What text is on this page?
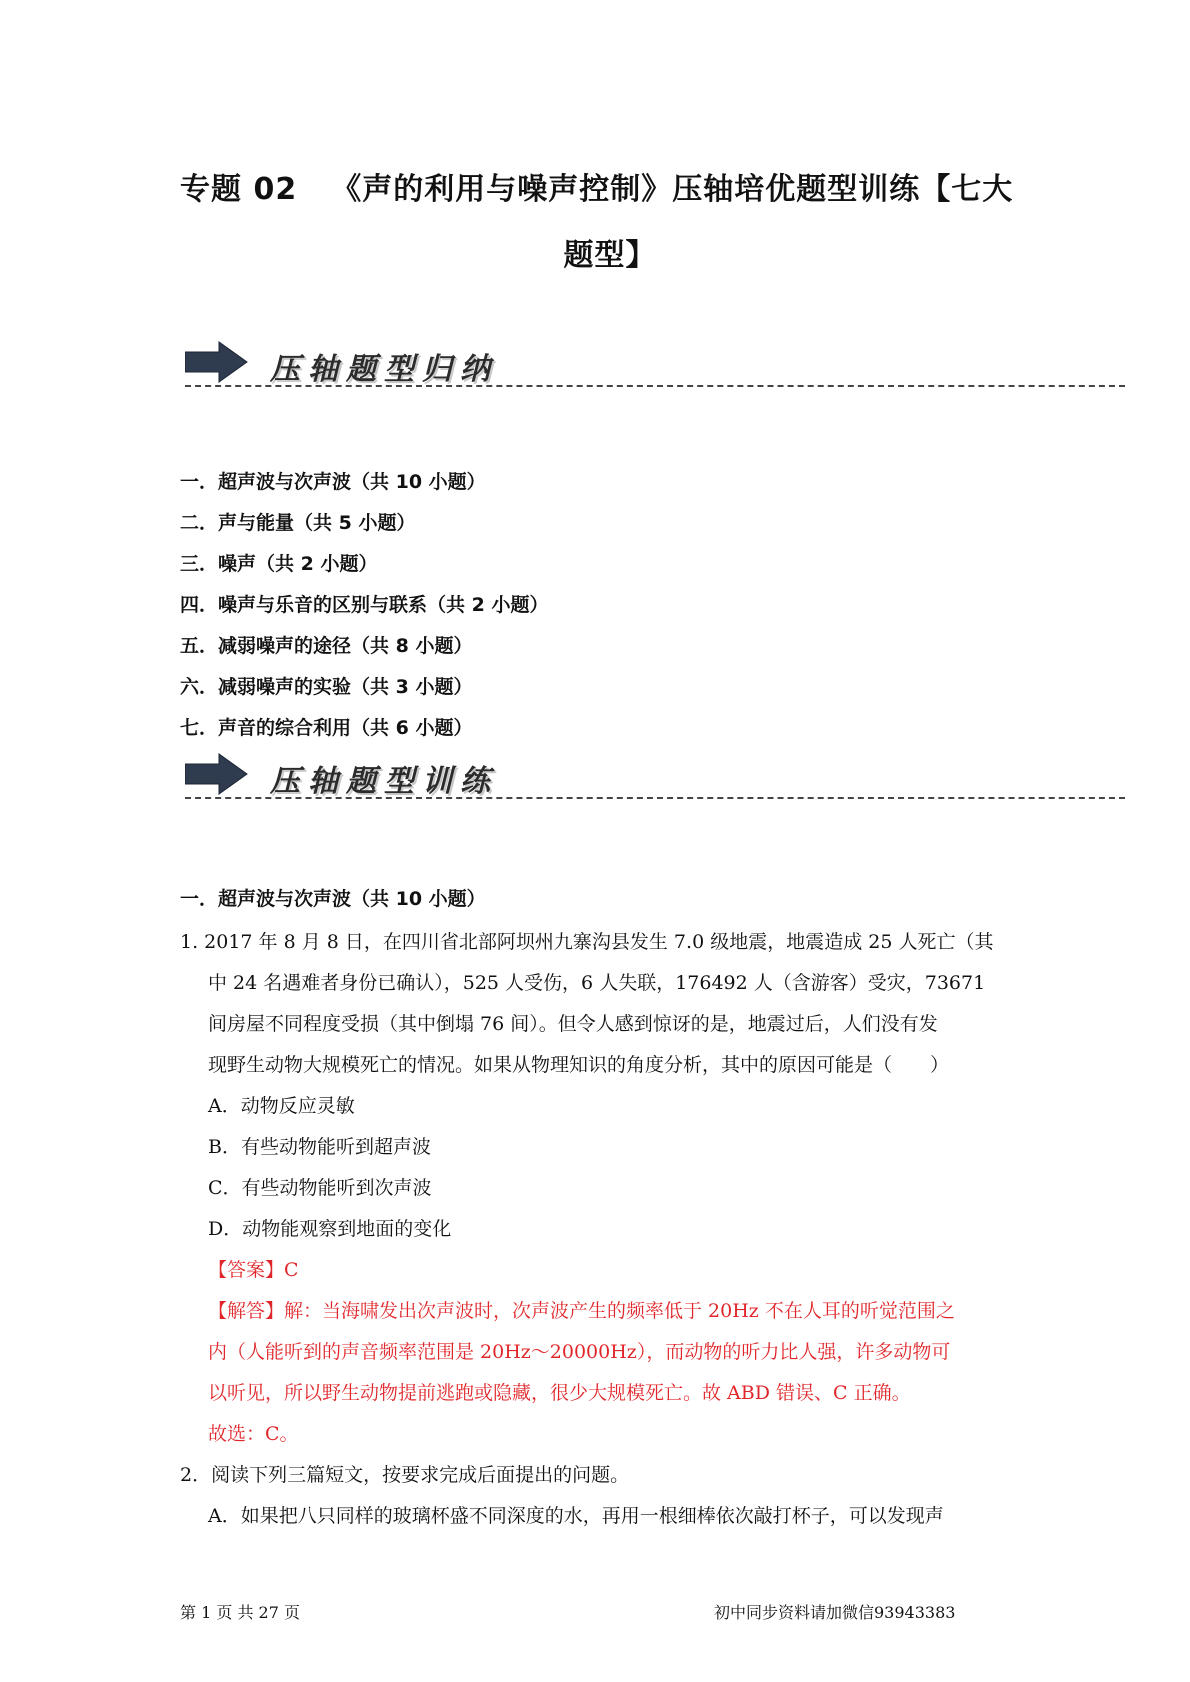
专题 02 《声的利用与噪声控制》压轴培优题型训练【七大
题型】
压轴题型归纳
一．超声波与次声波（共 10 小题）
二．声与能量（共 5 小题）
三．噪声（共 2 小题）
四．噪声与乐音的区别与联系（共 2 小题）
五．减弱噪声的途径（共 8 小题）
六．减弱噪声的实验（共 3 小题）
七．声音的综合利用（共 6 小题）
压轴题型训练
一．超声波与次声波（共 10 小题）
1. 2017 年 8 月 8 日，在四川省北部阿坝州九寨沟县发生 7.0 级地震，地震造成 25 人死亡（其
中 24 名遇难者身份已确认），525 人受伤，6 人失联，176492 人（含游客）受灾，73671
间房屋不同程度受损（其中倒塌 76 间）。但令人感到惊讶的是，地震过后，人们没有发
现野生动物大规模死亡的情况。如果从物理知识的角度分析，其中的原因可能是（　　）
A．动物反应灵敏
B．有些动物能听到超声波
C．有些动物能听到次声波
D．动物能观察到地面的变化
【答案】C
【解答】解：当海啸发出次声波时，次声波产生的频率低于 20Hz 不在人耳的听觉范围之
内（人能听到的声音频率范围是 20Hz～20000Hz），而动物的听力比人强，许多动物可
以听见，所以野生动物提前逃跑或隐藏，很少大规模死亡。故 ABD 错误、C 正确。
故选：C。
2．阅读下列三篇短文，按要求完成后面提出的问题。
A．如果把八只同样的玻璃杯盛不同深度的水，再用一根细棒依次敲打杯子，可以发现声
第 1 页 共 27 页	初中同步资料请加微信93943383
